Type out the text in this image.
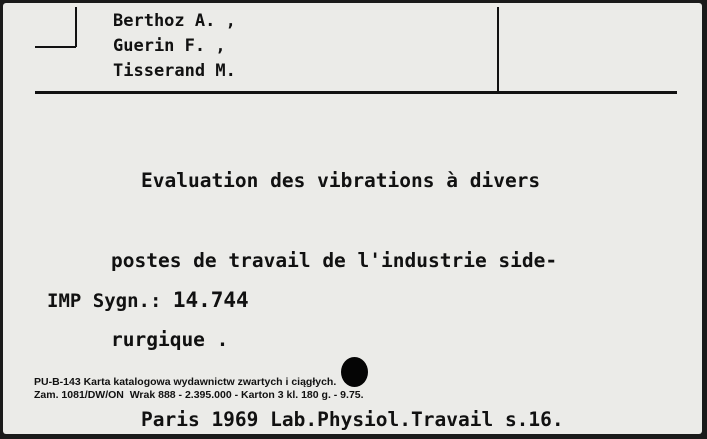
Berthoz A. ,
Guerin F. ,
Tisserand M.

Evaluation des vibrations à divers

postes de travail de l'industrie side-

rurgique .

Paris 1969 Lab.Physiol.Travail s.16.

IMP Sygn.: 14.744
PU-B-143 Karta katalogowa wydawnictw zwartych i ciągłych.
Zam. 1081/DW/ON  Wrak 888 - 2.395.000 - Karton 3 kl. 180 g. - 9.75.
